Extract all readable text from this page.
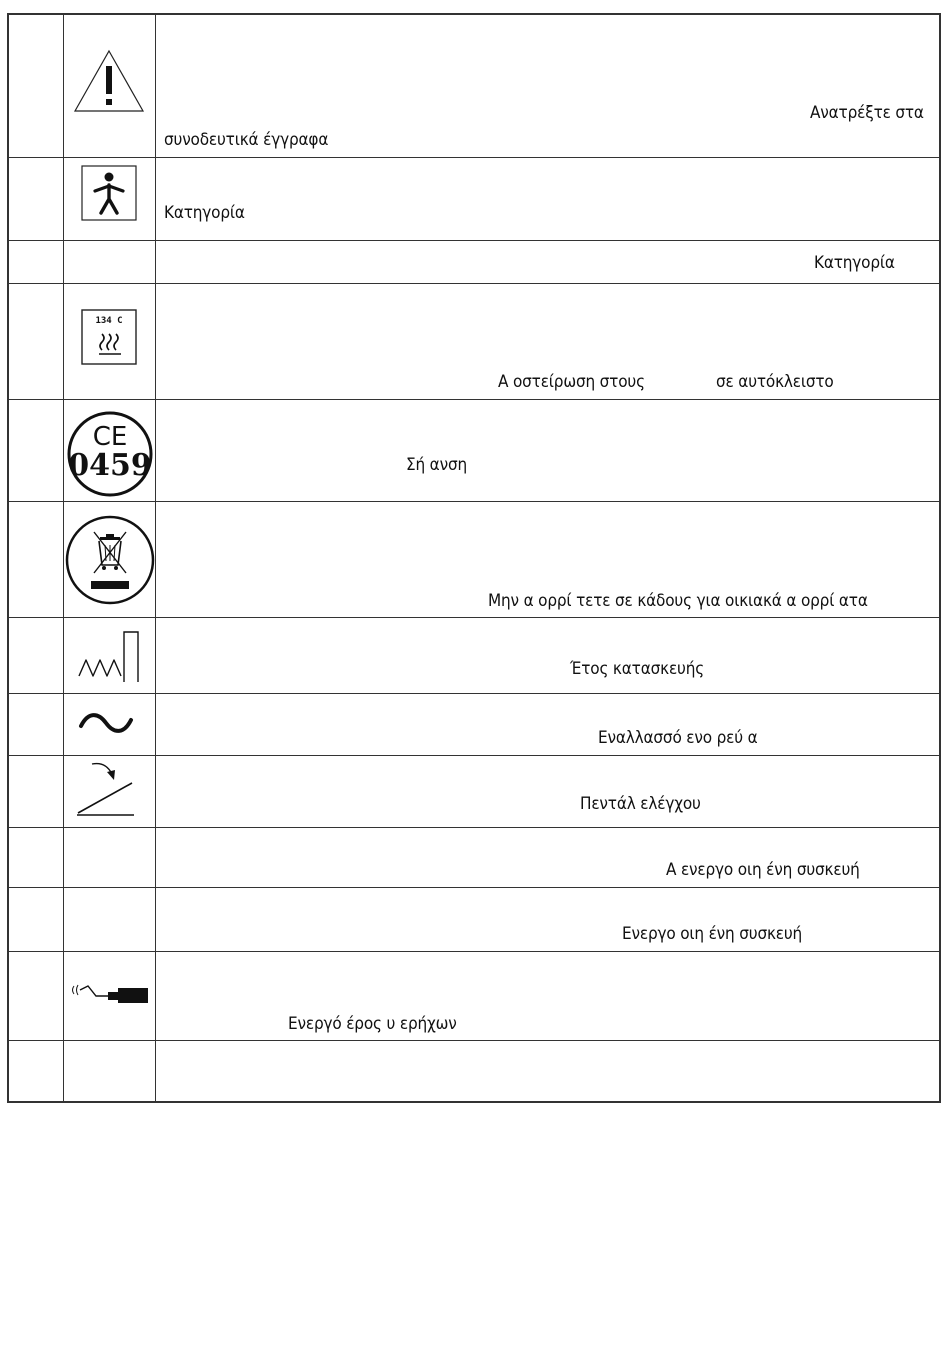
Ανατρέξτε στα
συνοδευτικά έγγραφα
Κατηγορία
Κατηγορία
134 C
Α οστείρωση στους	σε αυτόκλειστο
CE
0459	Σή ανση
Μην α ορρί τετε σε κάδους για οικιακά α ορρί ατα
Έτος κατασκευής
Εναλλασσό ενο ρεύ α
Πεντάλ ελέγχου
Α ενεργο οιη ένη συσκευή
Ενεργο οιη ένη συσκευή
Ενεργό έρος υ ερήχων
